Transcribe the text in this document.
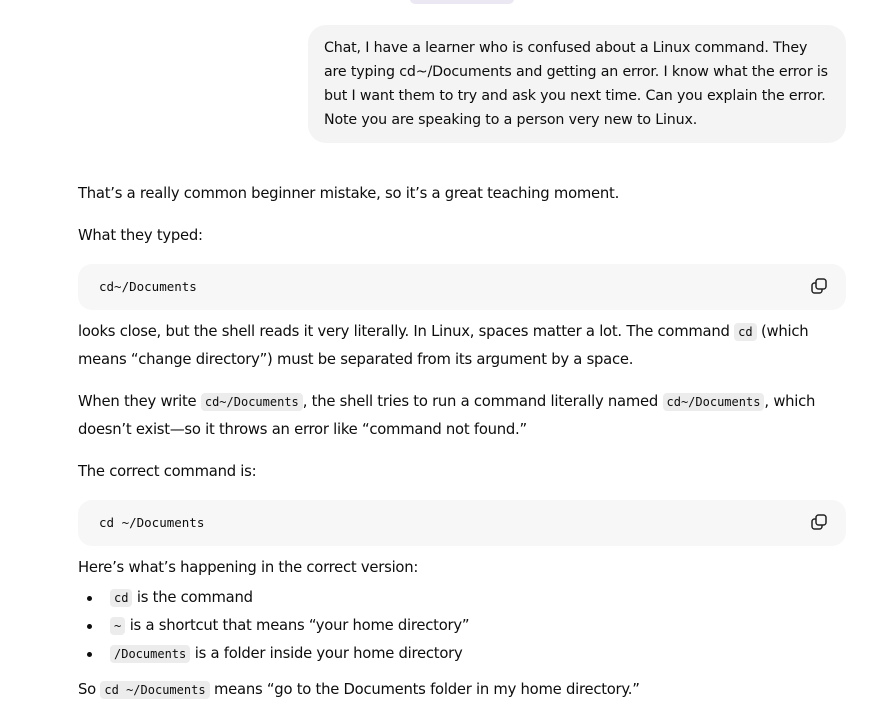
Chat, I have a learner who is confused about a Linux command. They are typing cd~/Documents and getting an error. I know what the error is but I want them to try and ask you next time. Can you explain the error. Note you are speaking to a person very new to Linux.

That’s a really common beginner mistake, so it’s a great teaching moment.

What they typed:

cd~/Documents

looks close, but the shell reads it very literally. In Linux, spaces matter a lot. The command cd (which means “change directory”) must be separated from its argument by a space.

When they write cd~/Documents , the shell tries to run a command literally named cd~/Documents , which doesn’t exist—so it throws an error like “command not found.”

The correct command is:

cd ~/Documents

Here’s what’s happening in the correct version:

cd is the command
~ is a shortcut that means “your home directory”
/Documents is a folder inside your home directory

So cd ~/Documents means “go to the Documents folder in my home directory.”
